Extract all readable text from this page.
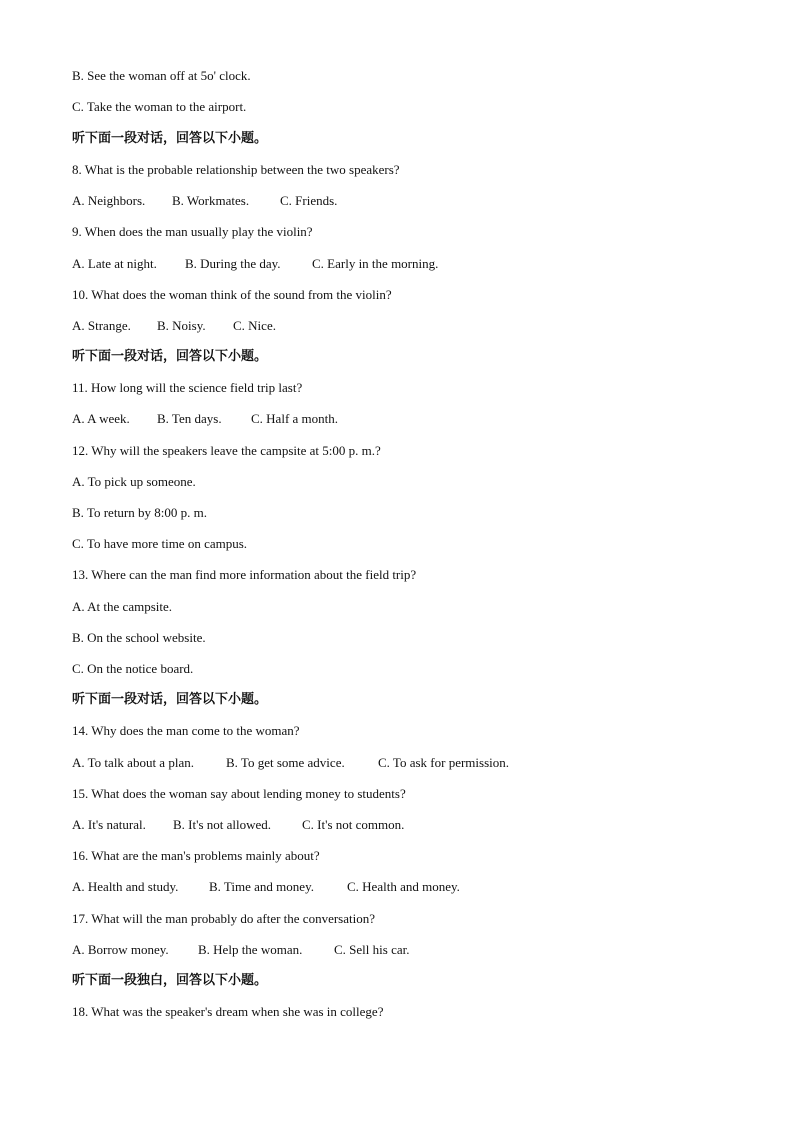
B. See the woman off at 5o' clock.
C. Take the woman to the airport.
听下面一段对话，回答以下小题。
8. What is the probable relationship between the two speakers?
A. Neighbors. B. Workmates. C. Friends.
9. When does the man usually play the violin?
A. Late at night. B. During the day. C. Early in the morning.
10. What does the woman think of the sound from the violin?
A. Strange. B. Noisy. C. Nice.
听下面一段对话，回答以下小题。
11. How long will the science field trip last?
A. A week. B. Ten days. C. Half a month.
12. Why will the speakers leave the campsite at 5:00 p. m.?
A. To pick up someone.
B. To return by 8:00 p. m.
C. To have more time on campus.
13. Where can the man find more information about the field trip?
A. At the campsite.
B. On the school website.
C. On the notice board.
听下面一段对话，回答以下小题。
14. Why does the man come to the woman?
A. To talk about a plan. B. To get some advice.	C. To ask for permission.
15. What does the woman say about lending money to students?
A. It's natural. B. It's not allowed. C. It's not common.
16. What are the man's problems mainly about?
A. Health and study. B. Time and money.	C. Health and money.
17. What will the man probably do after the conversation?
A. Borrow money. B. Help the woman. C. Sell his car.
听下面一段独白，回答以下小题。
18. What was the speaker's dream when she was in college?
